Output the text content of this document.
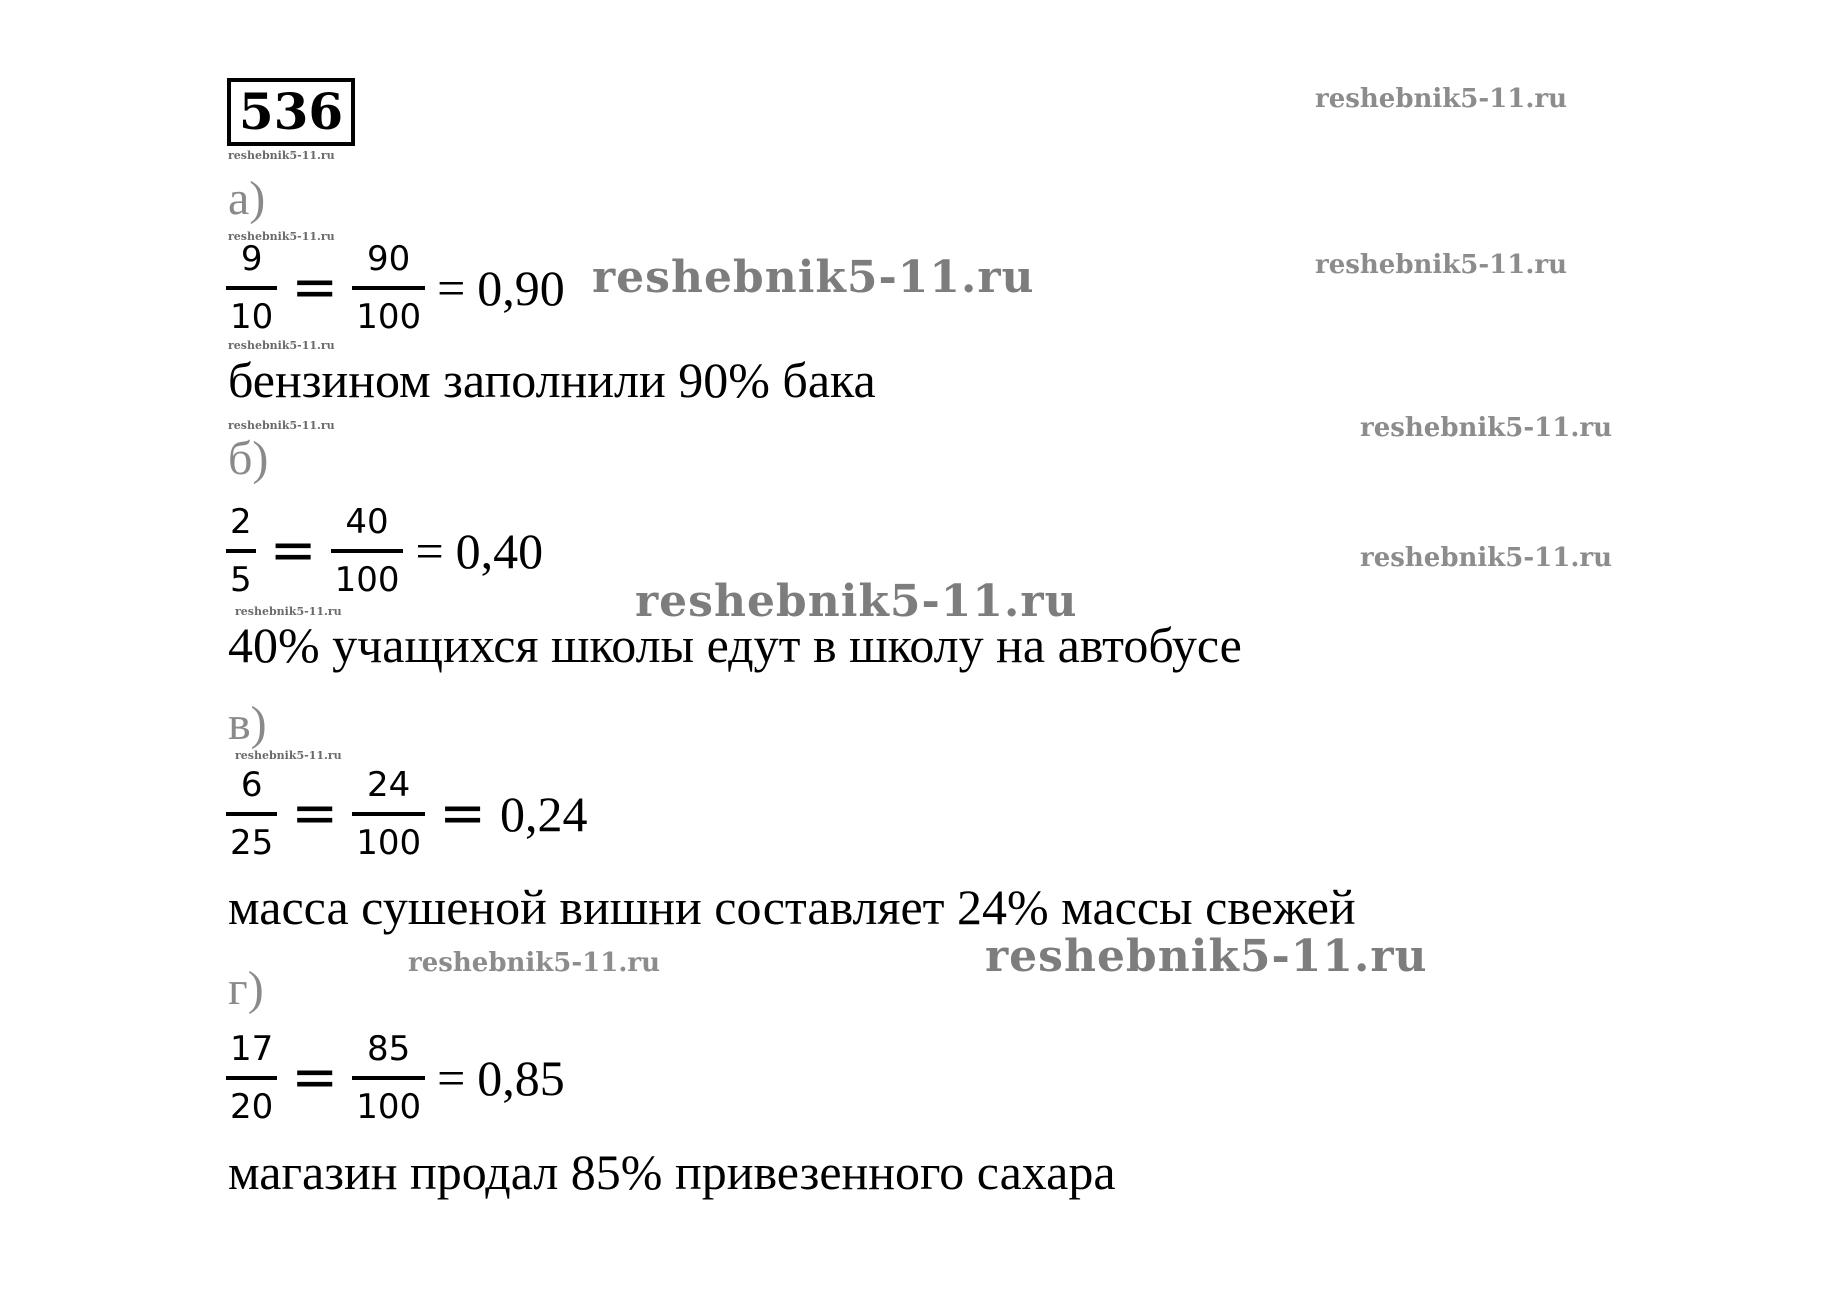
536
а)
$\frac{9}{10} = \frac{90}{100} = 0,90$
бензином заполнили 90% бака
б)
$\frac{2}{5} = \frac{40}{100} = 0,40$
40% учащихся школы едут в школу на автобусе
в)
$\frac{6}{25} = \frac{24}{100} = 0,24$
масса сушеной вишни составляет 24% массы свежей
г)
$\frac{17}{20} = \frac{85}{100} = 0,85$
магазин продал 85% привезенного сахара
reshebnik5-11.ru
reshebnik5-11.ru
reshebnik5-11.ru
reshebnik5-11.ru	reshebnik5-11.ru
reshebnik5-11.ru
reshebnik5-11.ru	reshebnik5-11.ru
reshebnik5-11.ru
reshebnik5-11.ru
reshebnik5-11.ru
reshebnik5-11.ru
reshebnik5-11.ru
reshebnik5-11.ru
